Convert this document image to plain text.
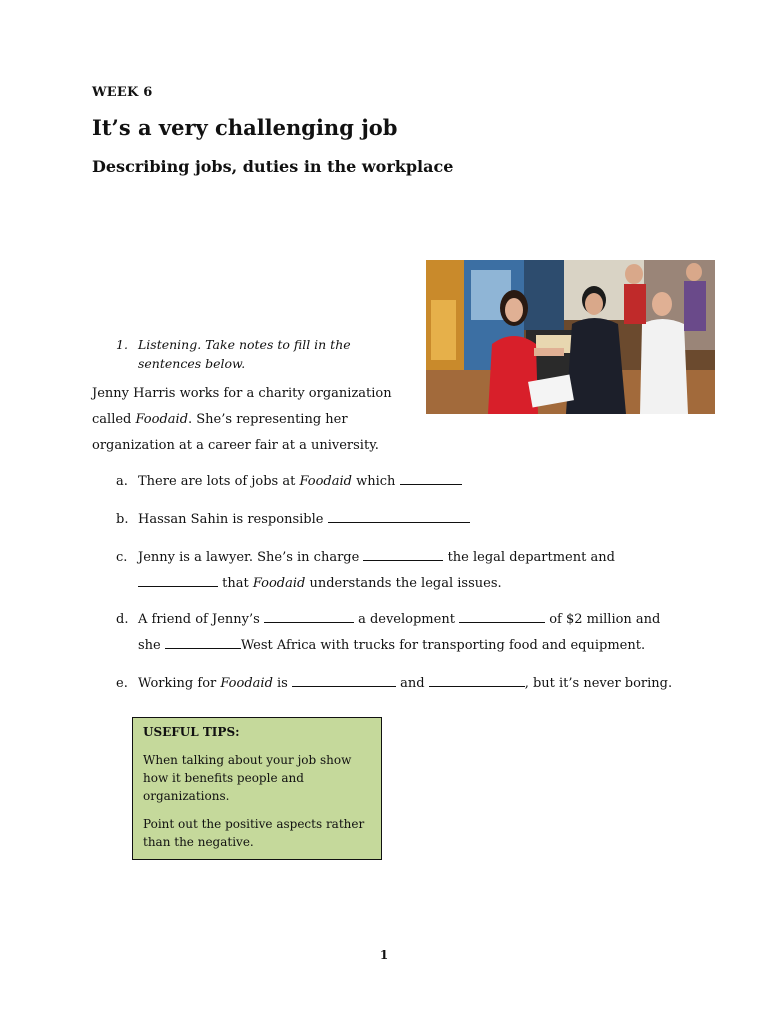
WEEK 6
It’s a very challenging job
Describing jobs, duties in the workplace
1. Listening. Take notes to fill in the sentences below.
Jenny Harris works for a charity organization called Foodaid. She’s representing her organization at a career fair at a university.
a. There are lots of jobs at Foodaid which
b. Hassan Sahin is responsible
c. Jenny is a lawyer. She’s in charge	the legal department and
that Foodaid understands the legal issues.
d. A friend of Jenny’s	a development	of $2 million and
she	West Africa with trucks for transporting food and equipment.
e. Working for Foodaid is	and	, but it’s never boring.
USEFUL TIPS:

When talking about your job show how it benefits people and organizations.

Point out the positive aspects rather than the negative.

1
